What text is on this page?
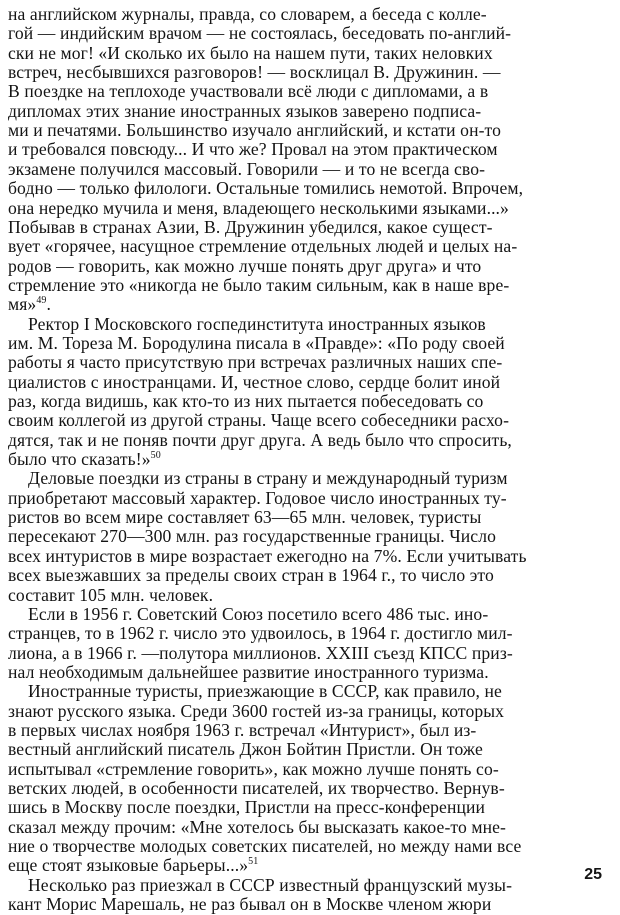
на английском журналы, правда, со словарем, а беседа с колле-
гой — индийским врачом — не состоялась, беседовать по-англий-
ски не мог! «И сколько их было на нашем пути, таких неловких
встреч, несбывшихся разговоров! — восклицал В. Дружинин. —
В поездке на теплоходе участвовали всё люди с дипломами, а в
дипломах этих знание иностранных языков заверено подписа-
ми и печатями. Большинство изучало английский, и кстати он-то
и требовался повсюду... И что же? Провал на этом практическом
экзамене получился массовый. Говорили — и то не всегда сво-
бодно — только филологи. Остальные томились немотой. Впрочем,
она нередко мучила и меня, владеющего несколькими языками...»
Побывав в странах Азии, В. Дружинин убедился, какое сущест-
вует «горячее, насущное стремление отдельных людей и целых на-
родов — говорить, как можно лучше понять друг друга» и что
стремление это «никогда не было таким сильным, как в наше вре-
мя»$^{49}$.
Ректор I Московского госпединститута иностранных языков
им. М. Тореза М. Бородулина писала в «Правде»: «По роду своей
работы я часто присутствую при встречах различных наших спе-
циалистов с иностранцами. И, честное слово, сердце болит иной
раз, когда видишь, как кто-то из них пытается побеседовать со
своим коллегой из другой страны. Чаще всего собеседники расхо-
дятся, так и не поняв почти друг друга. А ведь было что спросить,
было что сказать!»$^{50}$
Деловые поездки из страны в страну и международный туризм
приобретают массовый характер. Годовое число иностранных ту-
ристов во всем мире составляет 63—65 млн. человек, туристы
пересекают 270—300 млн. раз государственные границы. Число
всех интуристов в мире возрастает ежегодно на 7%. Если учитывать
всех выезжавших за пределы своих стран в 1964 г., то число это
составит 105 млн. человек.
Если в 1956 г. Советский Союз посетило всего 486 тыс. ино-
странцев, то в 1962 г. число это удвоилось, в 1964 г. достигло мил-
лиона, а в 1966 г. —полутора миллионов. XXIII съезд КПСС приз-
нал необходимым дальнейшее развитие иностранного туризма.
Иностранные туристы, приезжающие в СССР, как правило, не
знают русского языка. Среди 3600 гостей из-за границы, которых
в первых числах ноября 1963 г. встречал «Интурист», был из-
вестный английский писатель Джон Бойтин Пристли. Он тоже
испытывал «стремление говорить», как можно лучше понять со-
ветских людей, в особенности писателей, их творчество. Вернув-
шись в Москву после поездки, Пристли на пресс-конференции
сказал между прочим: «Мне хотелось бы высказать какое-то мне-
ние о творчестве молодых советских писателей, но между нами все
еще стоят языковые барьеры...»$^{51}$
Несколько раз приезжал в СССР известный французский музы-
кант Морис Марешаль, не раз бывал он в Москве членом жюри
25
